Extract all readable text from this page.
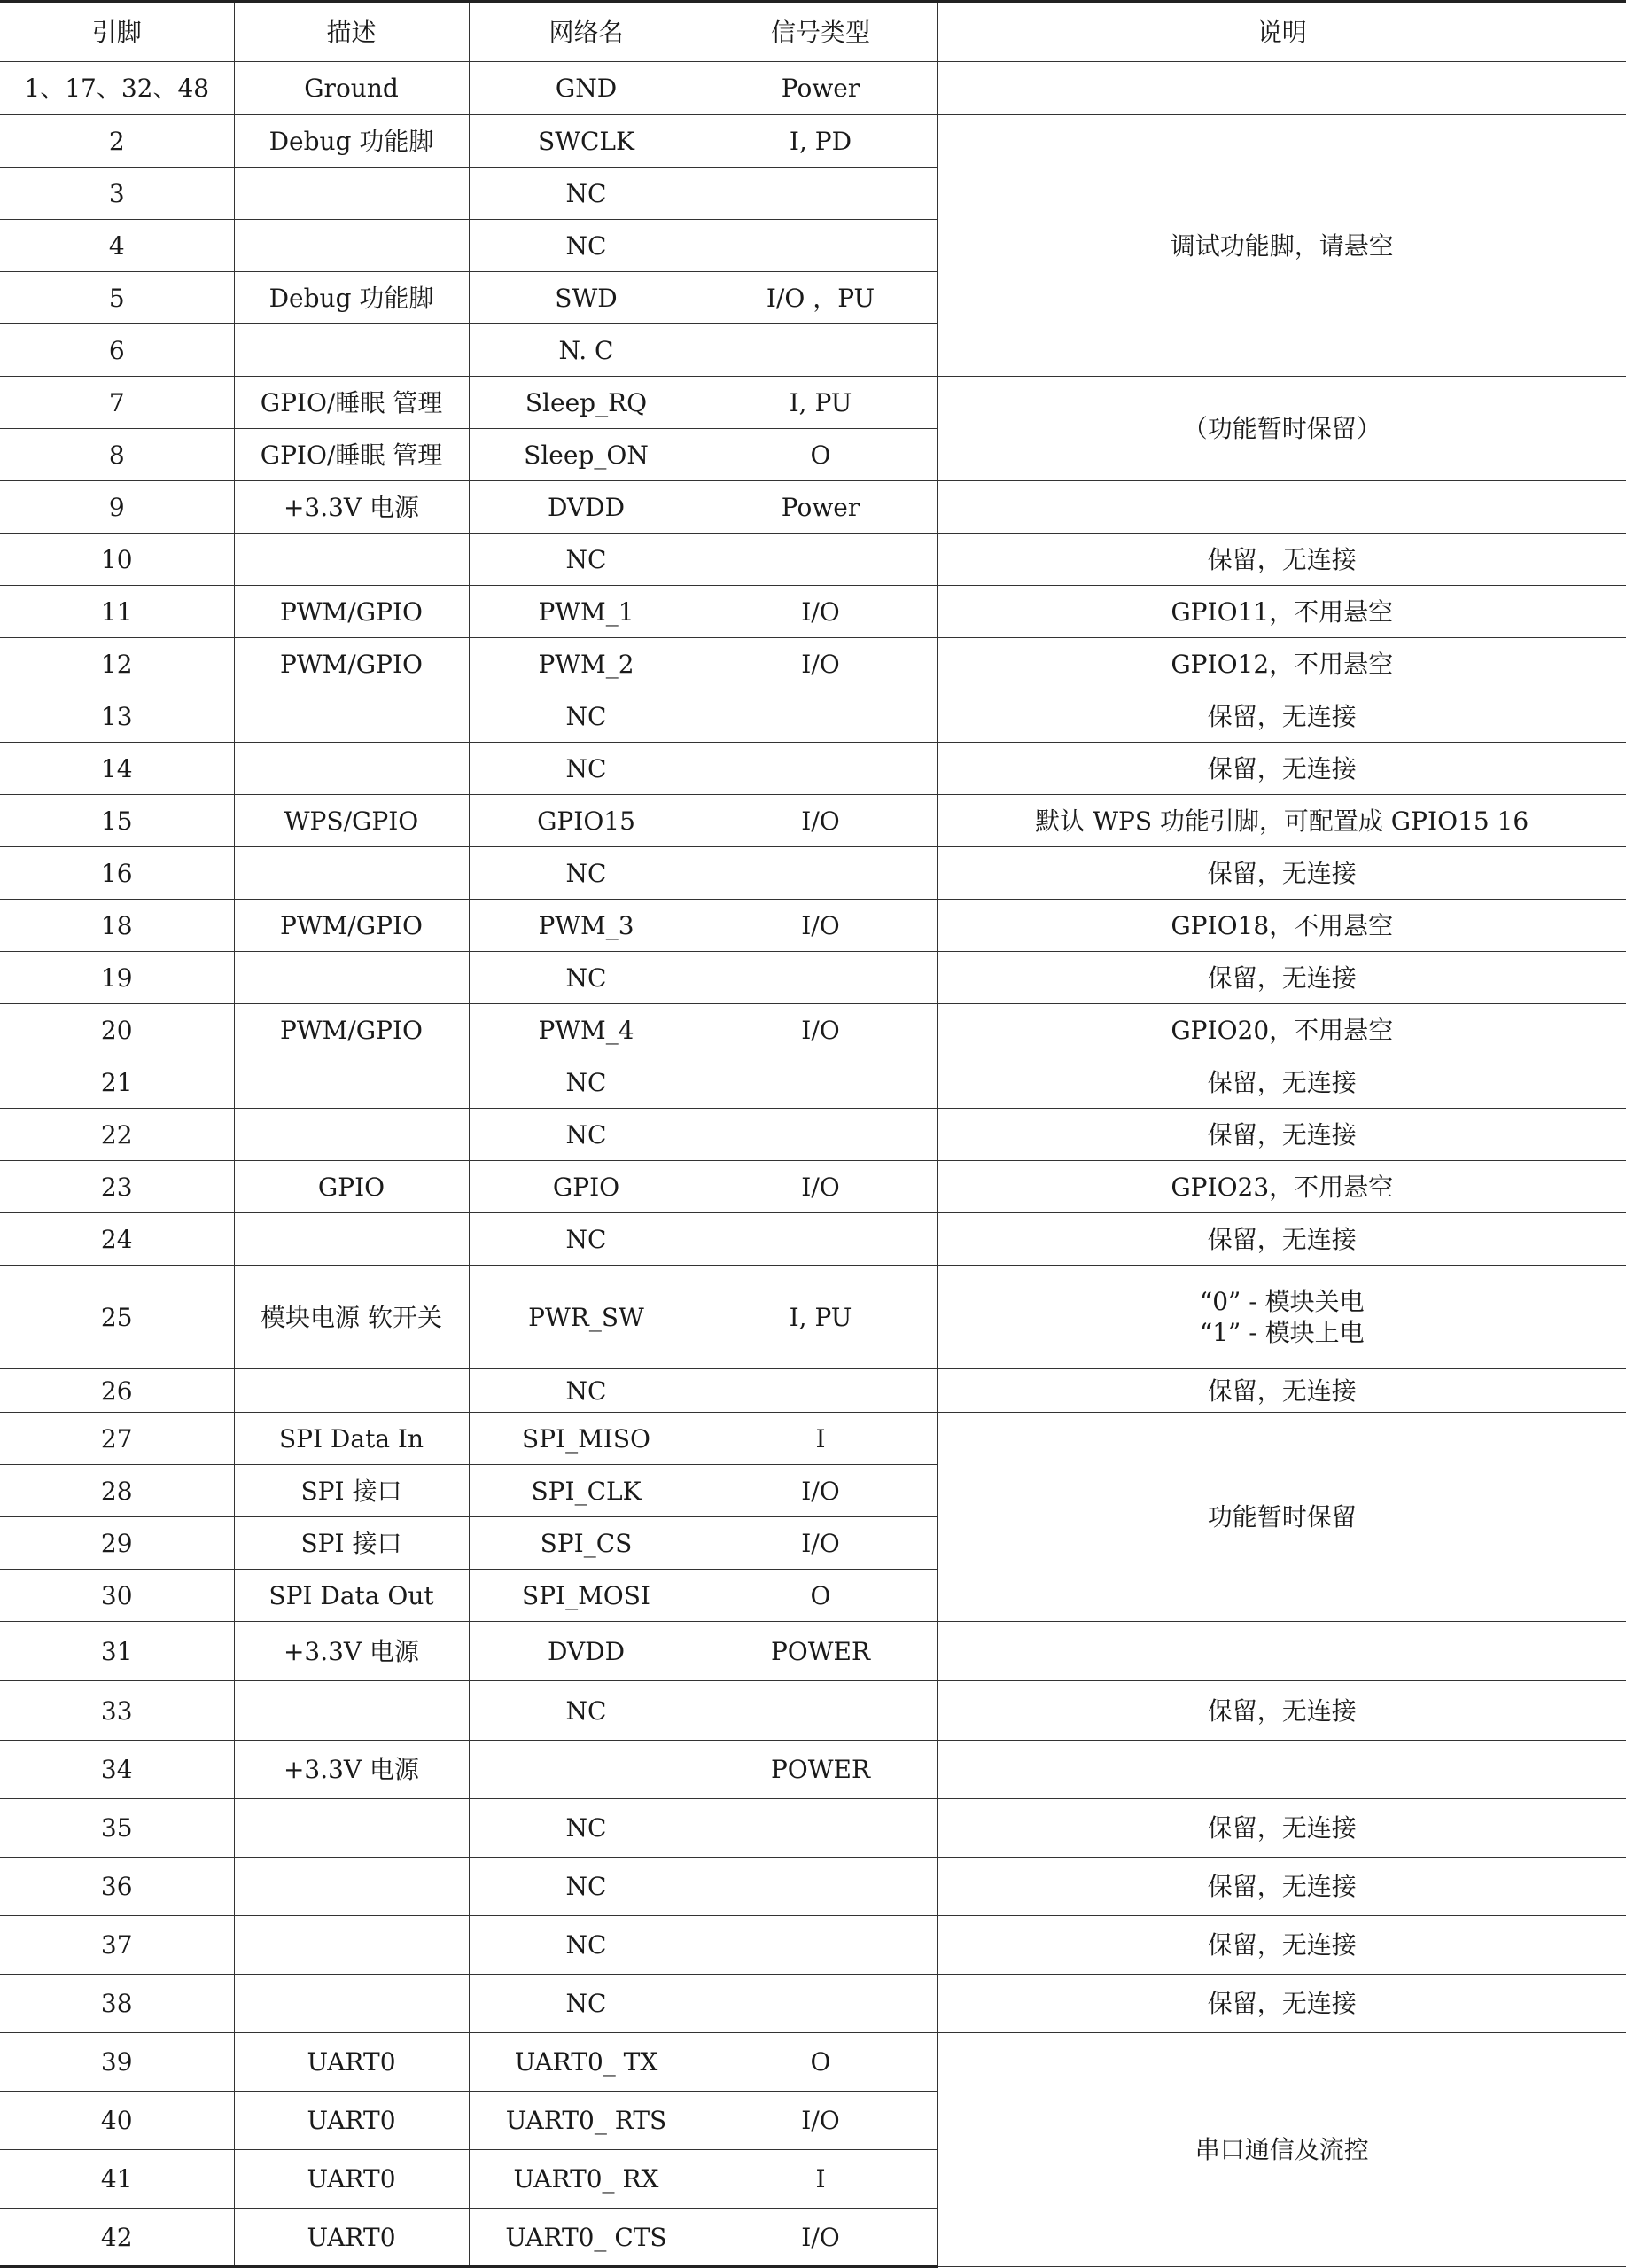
引脚	描述	网络名	信号类型	说明
1、17、32、48	Ground	GND	Power	
2	Debug 功能脚	SWCLK	I, PD	调试功能脚，请悬空
3		NC		
4		NC		
5	Debug 功能脚	SWD	I/O ，PU	
6		N. C		
7	GPIO/睡眠 管理	Sleep_RQ	I, PU	（功能暂时保留）
8	GPIO/睡眠 管理	Sleep_ON	O	
9	+3.3V 电源	DVDD	Power	
10		NC		保留，无连接
11	PWM/GPIO	PWM_1	I/O	GPIO11，不用悬空
12	PWM/GPIO	PWM_2	I/O	GPIO12，不用悬空
13		NC		保留，无连接
14		NC		保留，无连接
15	WPS/GPIO	GPIO15	I/O	默认 WPS 功能引脚，可配置成 GPIO15 16
16		NC		保留，无连接
18	PWM/GPIO	PWM_3	I/O	GPIO18，不用悬空
19		NC		保留，无连接
20	PWM/GPIO	PWM_4	I/O	GPIO20，不用悬空
21		NC		保留，无连接
22		NC		保留，无连接
23	GPIO	GPIO	I/O	GPIO23，不用悬空
24		NC		保留，无连接
25	模块电源 软开关	PWR_SW	I, PU	“0” - 模块关电
“1” - 模块上电

26		NC		保留，无连接
27	SPI Data In	SPI_MISO	I	功能暂时保留
28	SPI 接口	SPI_CLK	I/O	
29	SPI 接口	SPI_CS	I/O	
30	SPI Data Out	SPI_MOSI	O	
31	+3.3V 电源	DVDD	POWER	
33		NC		保留，无连接
34	+3.3V 电源		POWER	
35		NC		保留，无连接
36		NC		保留，无连接
37		NC		保留，无连接
38		NC		保留，无连接
39	UART0	UART0_ TX	O	串口通信及流控
40	UART0	UART0_ RTS	I/O	
41	UART0	UART0_ RX	I	
42	UART0	UART0_ CTS	I/O	
